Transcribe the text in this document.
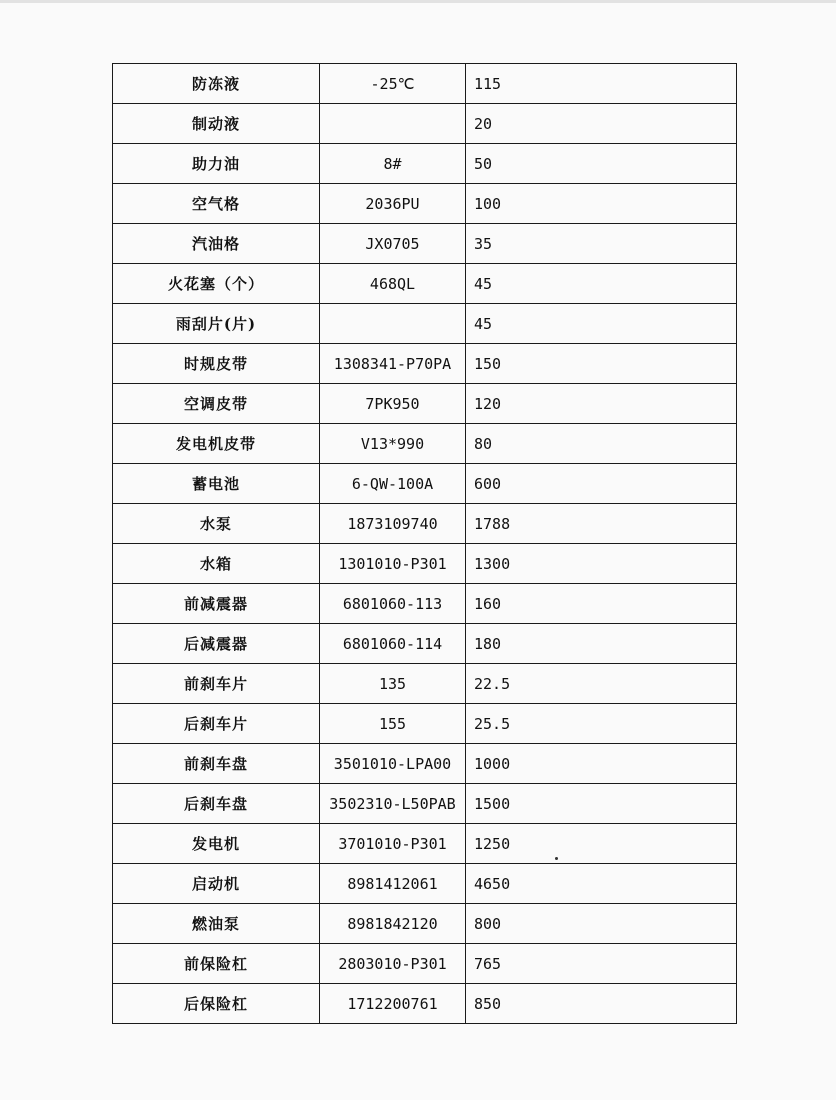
防冻液	-25℃	115
制动液		20
助力油	8#	50
空气格	2036PU	100
汽油格	JX0705	35
火花塞（个）	468QL	45
雨刮片(片)		45
时规皮带	1308341-P70PA	150
空调皮带	7PK950	120
发电机皮带	V13*990	80
蓄电池	6-QW-100A	600
水泵	1873109740	1788
水箱	1301010-P301	1300
前减震器	6801060-113	160
后减震器	6801060-114	180
前刹车片	135	22.5
后刹车片	155	25.5
前刹车盘	3501010-LPA00	1000
后刹车盘	3502310-L50PAB	1500
发电机	3701010-P301	1250
启动机	8981412061	4650
燃油泵	8981842120	800
前保险杠	2803010-P301	765
后保险杠	1712200761	850
